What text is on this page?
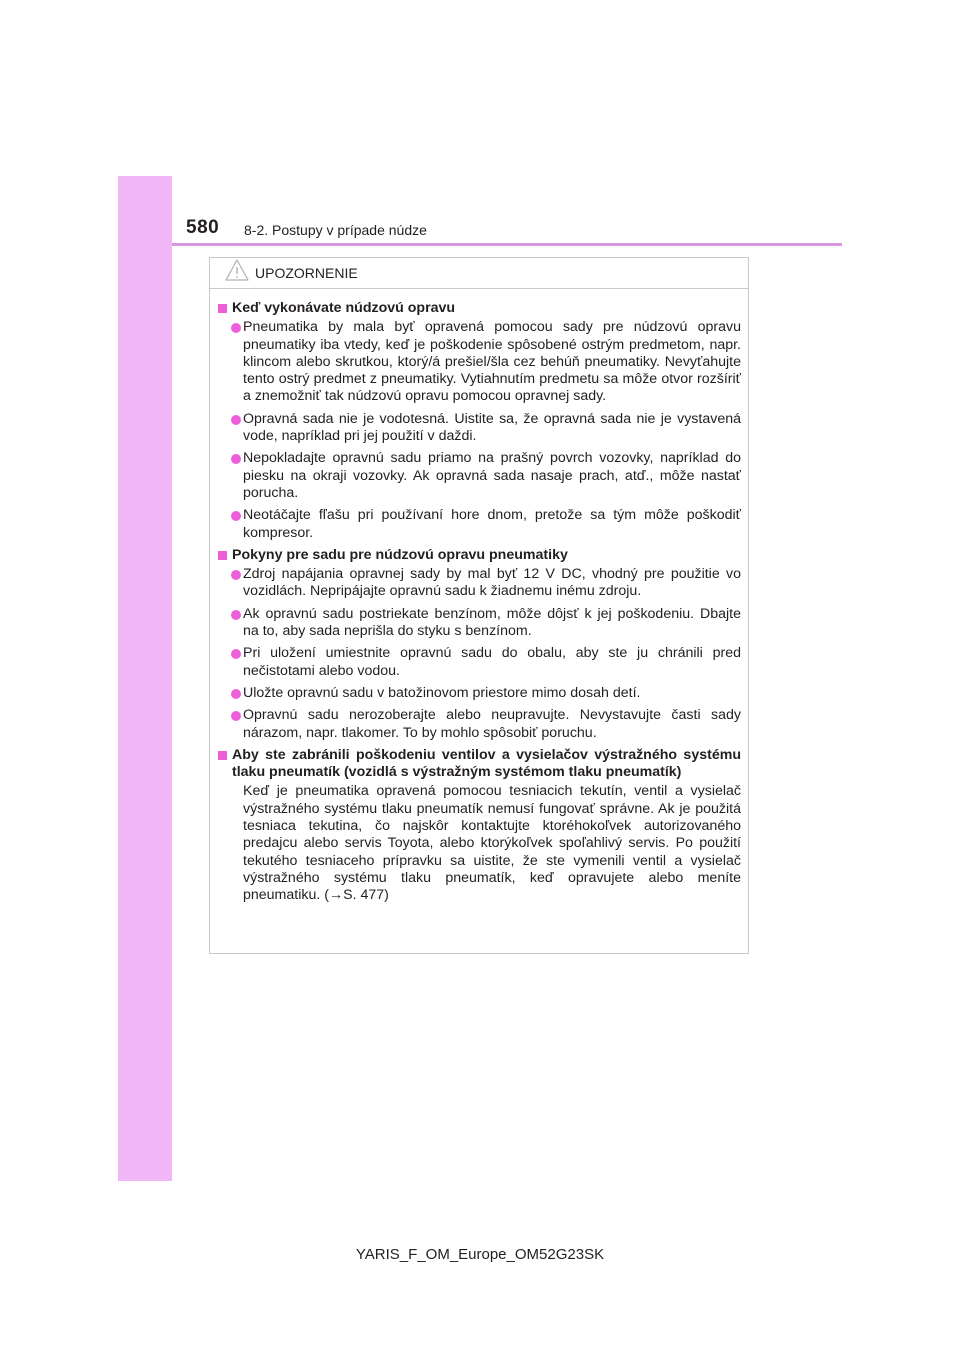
580 8-2. Postupy v prípade núdze
UPOZORNENIE
Keď vykonávate núdzovú opravu
Pneumatika by mala byť opravená pomocou sady pre núdzovú opravu pneumatiky iba vtedy, keď je poškodenie spôsobené ostrým predmetom, napr. klincom alebo skrutkou, ktorý/á prešiel/šla cez behúň pneumatiky. Nevyťahujte tento ostrý predmet z pneumatiky. Vytiahnutím predmetu sa môže otvor rozšíriť a znemožniť tak núdzovú opravu pomocou opravnej sady.
Opravná sada nie je vodotesná. Uistite sa, že opravná sada nie je vystavená vode, napríklad pri jej použití v daždi.
Nepokladajte opravnú sadu priamo na prašný povrch vozovky, napríklad do piesku na okraji vozovky. Ak opravná sada nasaje prach, atď., môže nastať porucha.
Neotáčajte fľašu pri používaní hore dnom, pretože sa tým môže poškodiť kompresor.
Pokyny pre sadu pre núdzovú opravu pneumatiky
Zdroj napájania opravnej sady by mal byť 12 V DC, vhodný pre použitie vo vozidlách. Nepripájajte opravnú sadu k žiadnemu inému zdroju.
Ak opravnú sadu postriekate benzínom, môže dôjsť k jej poškodeniu. Dbajte na to, aby sada neprišla do styku s benzínom.
Pri uložení umiestnite opravnú sadu do obalu, aby ste ju chránili pred nečistotami alebo vodou.
Uložte opravnú sadu v batožinovom priestore mimo dosah detí.
Opravnú sadu nerozoberajte alebo neupravujte. Nevystavujte časti sady nárazom, napr. tlakomer. To by mohlo spôsobiť poruchu.
Aby ste zabránili poškodeniu ventilov a vysielačov výstražného systému tlaku pneumatík (vozidlá s výstražným systémom tlaku pneumatík)
Keď je pneumatika opravená pomocou tesniacich tekutín, ventil a vysielač výstražného systému tlaku pneumatík nemusí fungovať správne. Ak je použitá tesniaca tekutina, čo najskôr kontaktujte ktoréhokoľvek autorizovaného predajcu alebo servis Toyota, alebo ktorýkoľvek spoľahlivý servis. Po použití tekutého tesniaceho prípravku sa uistite, že ste vymenili ventil a vysielač výstražného systému tlaku pneumatík, keď opravujete alebo meníte pneumatiku. (→S. 477)
YARIS_F_OM_Europe_OM52G23SK
